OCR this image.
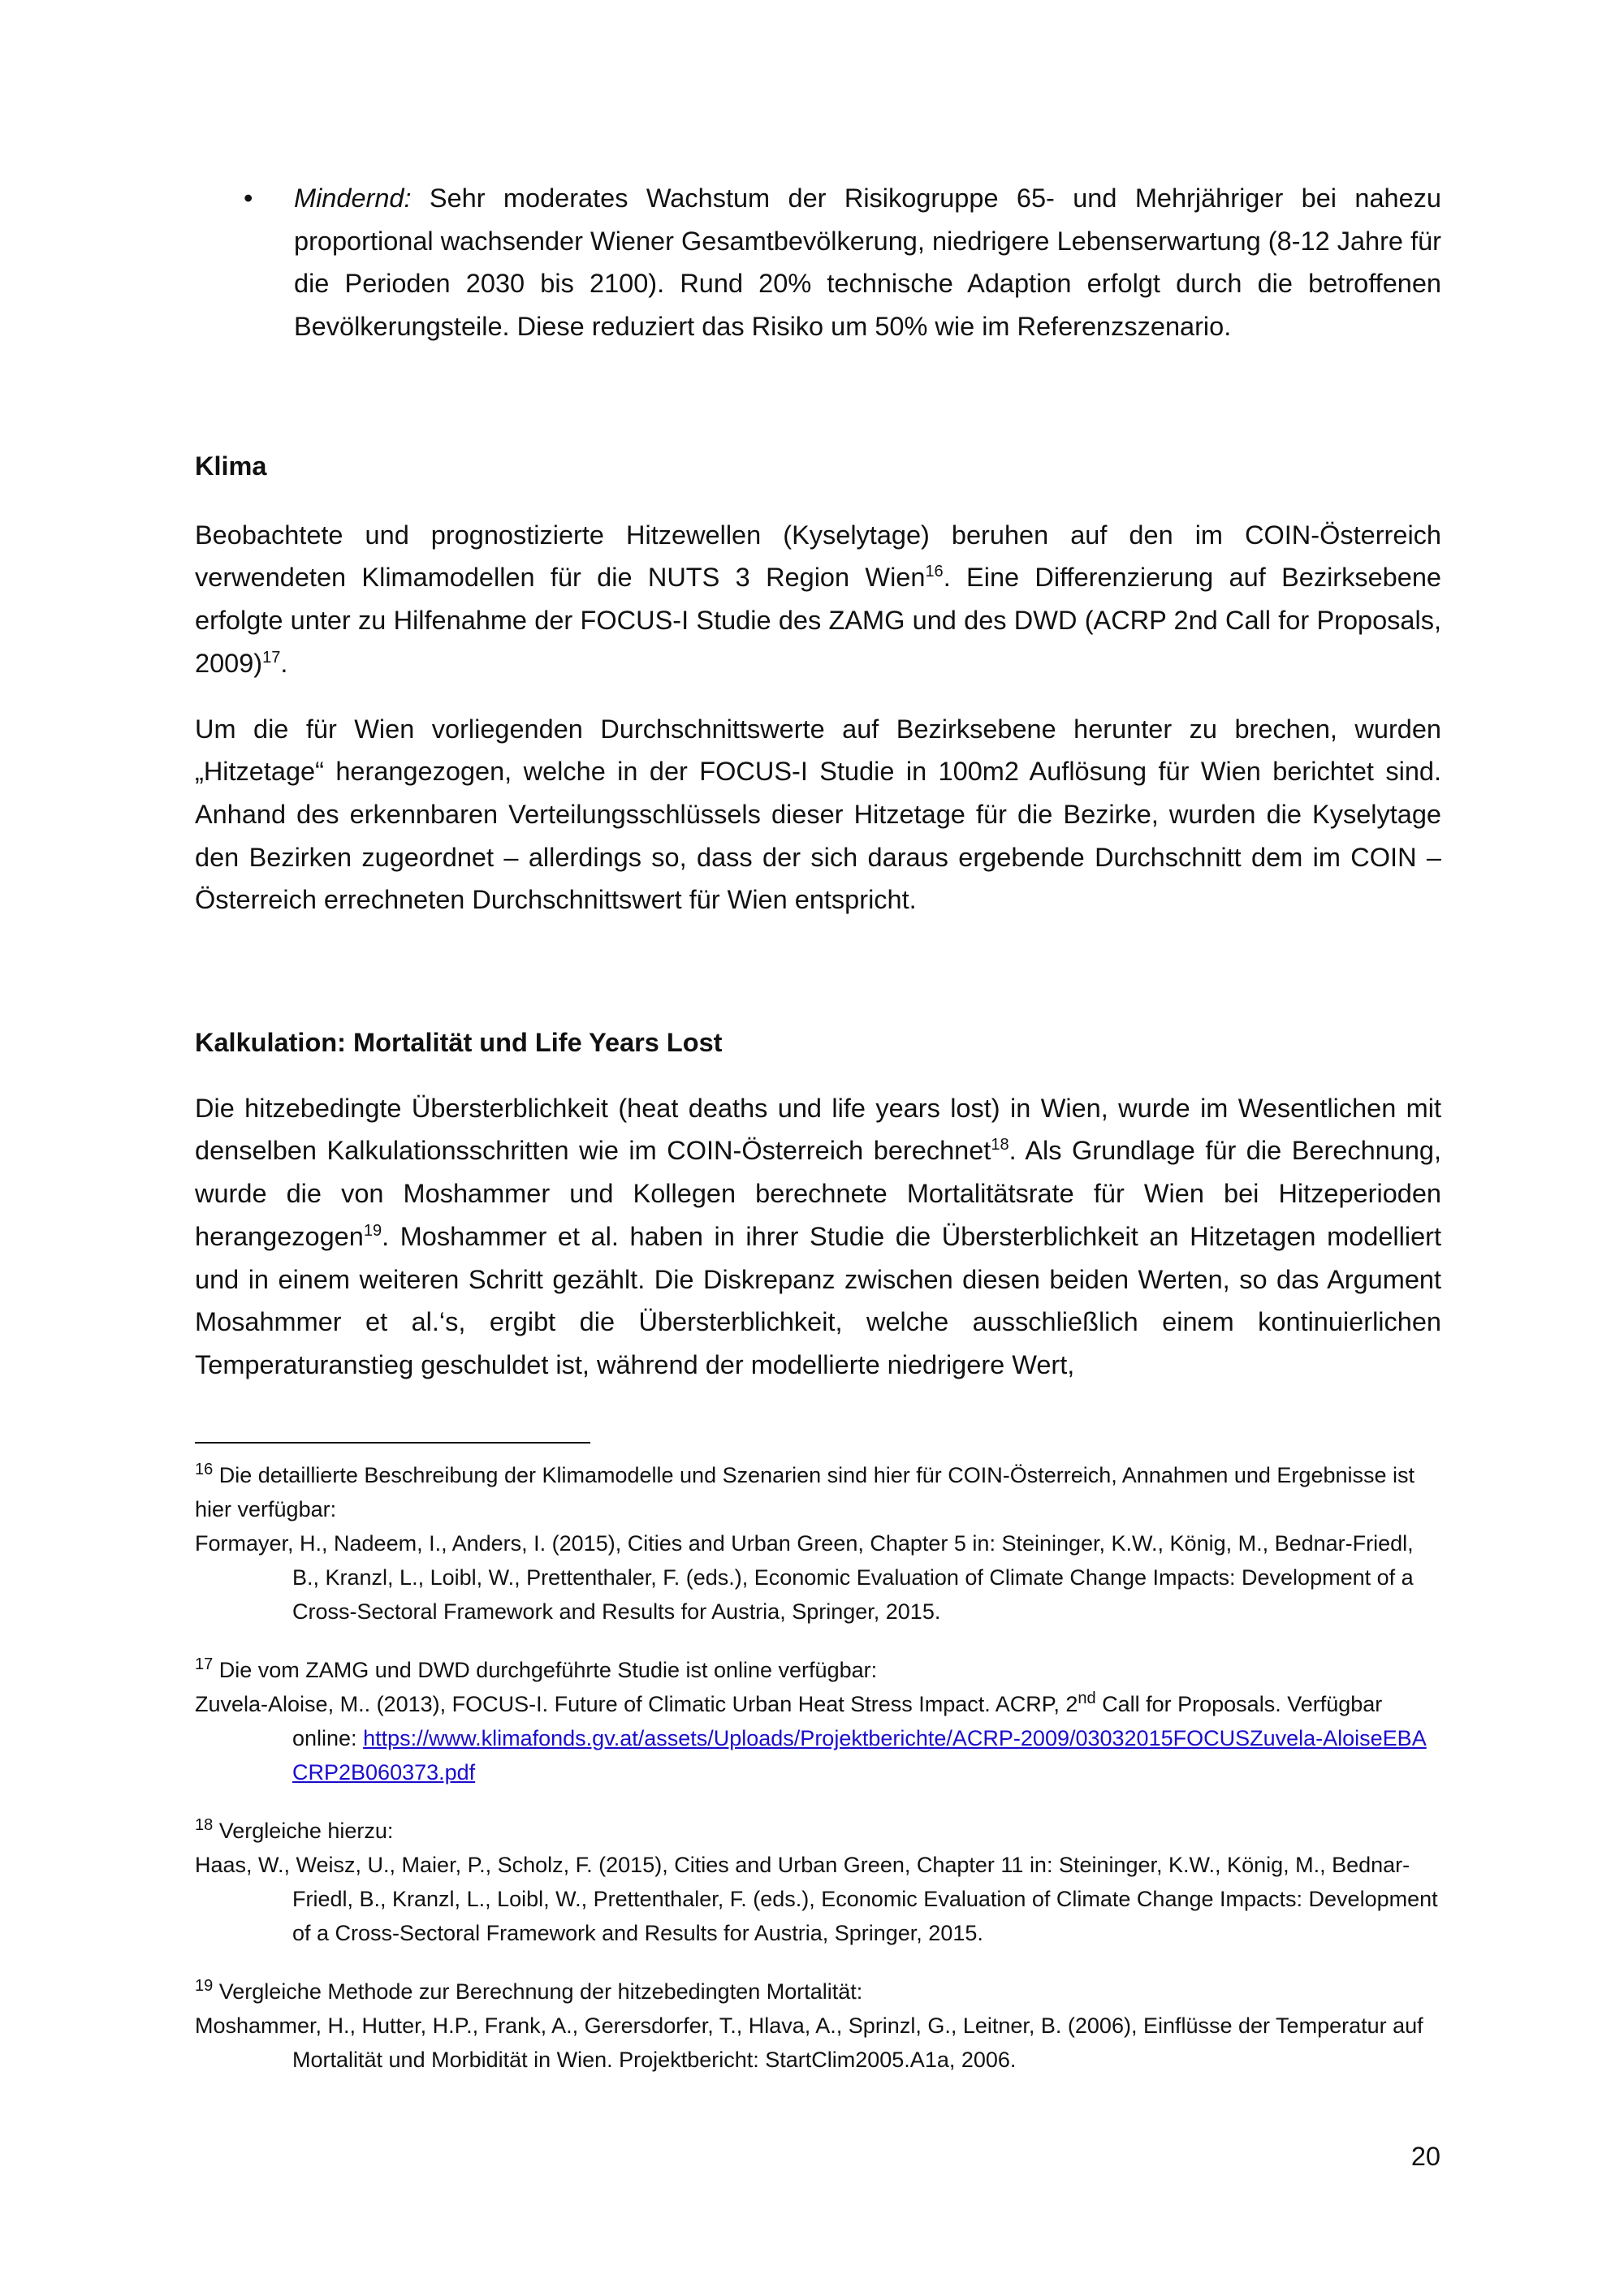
• Mindernd: Sehr moderates Wachstum der Risikogruppe 65- und Mehrjähriger bei nahezu proportional wachsender Wiener Gesamtbevölkerung, niedrigere Lebenserwartung (8-12 Jahre für die Perioden 2030 bis 2100). Rund 20% technische Adaption erfolgt durch die betroffenen Bevölkerungsteile. Diese reduziert das Risiko um 50% wie im Referenzszenario.

Klima

Beobachtete und prognostizierte Hitzewellen (Kyselytage) beruhen auf den im COIN-Österreich verwendeten Klimamodellen für die NUTS 3 Region Wien$^{16}$. Eine Differenzierung auf Bezirksebene erfolgte unter zu Hilfenahme der FOCUS-I Studie des ZAMG und des DWD (ACRP 2nd Call for Proposals, 2009)$^{17}$.

Um die für Wien vorliegenden Durchschnittswerte auf Bezirksebene herunter zu brechen, wurden „Hitzetage“ herangezogen, welche in der FOCUS-I Studie in 100m2 Auflösung für Wien berichtet sind. Anhand des erkennbaren Verteilungsschlüssels dieser Hitzetage für die Bezirke, wurden die Kyselytage den Bezirken zugeordnet – allerdings so, dass der sich daraus ergebende Durchschnitt dem im COIN –Österreich errechneten Durchschnittswert für Wien entspricht.

Kalkulation: Mortalität und Life Years Lost

Die hitzebedingte Übersterblichkeit (heat deaths und life years lost) in Wien, wurde im Wesentlichen mit denselben Kalkulationsschritten wie im COIN-Österreich berechnet$^{18}$. Als Grundlage für die Berechnung, wurde die von Moshammer und Kollegen berechnete Mortalitätsrate für Wien bei Hitzeperioden herangezogen$^{19}$. Moshammer et al. haben in ihrer Studie die Übersterblichkeit an Hitzetagen modelliert und in einem weiteren Schritt gezählt. Die Diskrepanz zwischen diesen beiden Werten, so das Argument Mosahmmer et al.‘s, ergibt die Übersterblichkeit, welche ausschließlich einem kontinuierlichen Temperaturanstieg geschuldet ist, während der modellierte niedrigere Wert,

$^{16}$ Die detaillierte Beschreibung der Klimamodelle und Szenarien sind hier für COIN-Österreich, Annahmen und Ergebnisse ist hier verfügbar:

Formayer, H., Nadeem, I., Anders, I. (2015), Cities and Urban Green, Chapter 5 in: Steininger, K.W., König, M., Bednar-Friedl, B., Kranzl, L., Loibl, W., Prettenthaler, F. (eds.), Economic Evaluation of Climate Change Impacts: Development of a Cross-Sectoral Framework and Results for Austria, Springer, 2015.

$^{17}$ Die vom ZAMG und DWD durchgeführte Studie ist online verfügbar:

Zuvela-Aloise, M.. (2013), FOCUS-I. Future of Climatic Urban Heat Stress Impact. ACRP, 2nd Call for Proposals. Verfügbar online: https://www.klimafonds.gv.at/assets/Uploads/Projektberichte/ACRP-2009/03032015FOCUSZuvela-AloiseEBACRP2B060373.pdf

$^{18}$ Vergleiche hierzu:

Haas, W., Weisz, U., Maier, P., Scholz, F. (2015), Cities and Urban Green, Chapter 11 in: Steininger, K.W., König, M., Bednar-Friedl, B., Kranzl, L., Loibl, W., Prettenthaler, F. (eds.), Economic Evaluation of Climate Change Impacts: Development of a Cross-Sectoral Framework and Results for Austria, Springer, 2015.

$^{19}$ Vergleiche Methode zur Berechnung der hitzebedingten Mortalität:

Moshammer, H., Hutter, H.P., Frank, A., Gerersdorfer, T., Hlava, A., Sprinzl, G., Leitner, B. (2006), Einflüsse der Temperatur auf Mortalität und Morbidität in Wien. Projektbericht: StartClim2005.A1a, 2006.

20
